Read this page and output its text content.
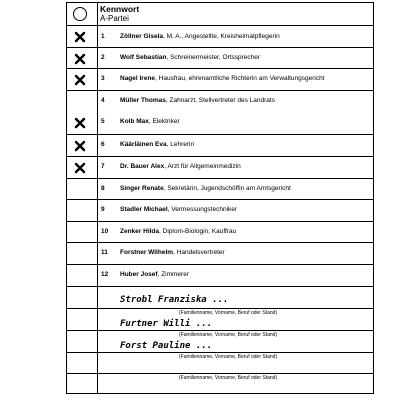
Kennwort
A-Partei
1	Zöllner Gisela, M. A., Angestellte, Kreisheimatpflegerin
2	Wolf Sebastian, Schreinermeister, Ortssprecher
3	Nagel Irene, Hausfrau, ehrenamtliche Richterin am Verwaltungsgericht
4	Müller Thomas, Zahnarzt, Stellvertreter des Landrats
5	Kolb Max, Elektriker
6	Käärläinen Eva, Lehrerin
7	Dr. Bauer Alex, Arzt für Allgemeinmedizin
8	Singer Renate, Sekretärin, Jugendschöffin am Amtsgericht
9	Stadler Michael, Vermessungstechniker
10	Zenker Hilda, Diplom-Biologin, Kauffrau
11	Forstner Wilhelm, Handelsvertreter
12	Huber Josef, Zimmerer
Strobl Franziska ...
(Familienname, Vorname, Beruf oder Stand)
Furtner Willi ...
(Familienname, Vorname, Beruf oder Stand)
Forst Pauline ...
(Familienname, Vorname, Beruf oder Stand)
(Familienname, Vorname, Beruf oder Stand)
